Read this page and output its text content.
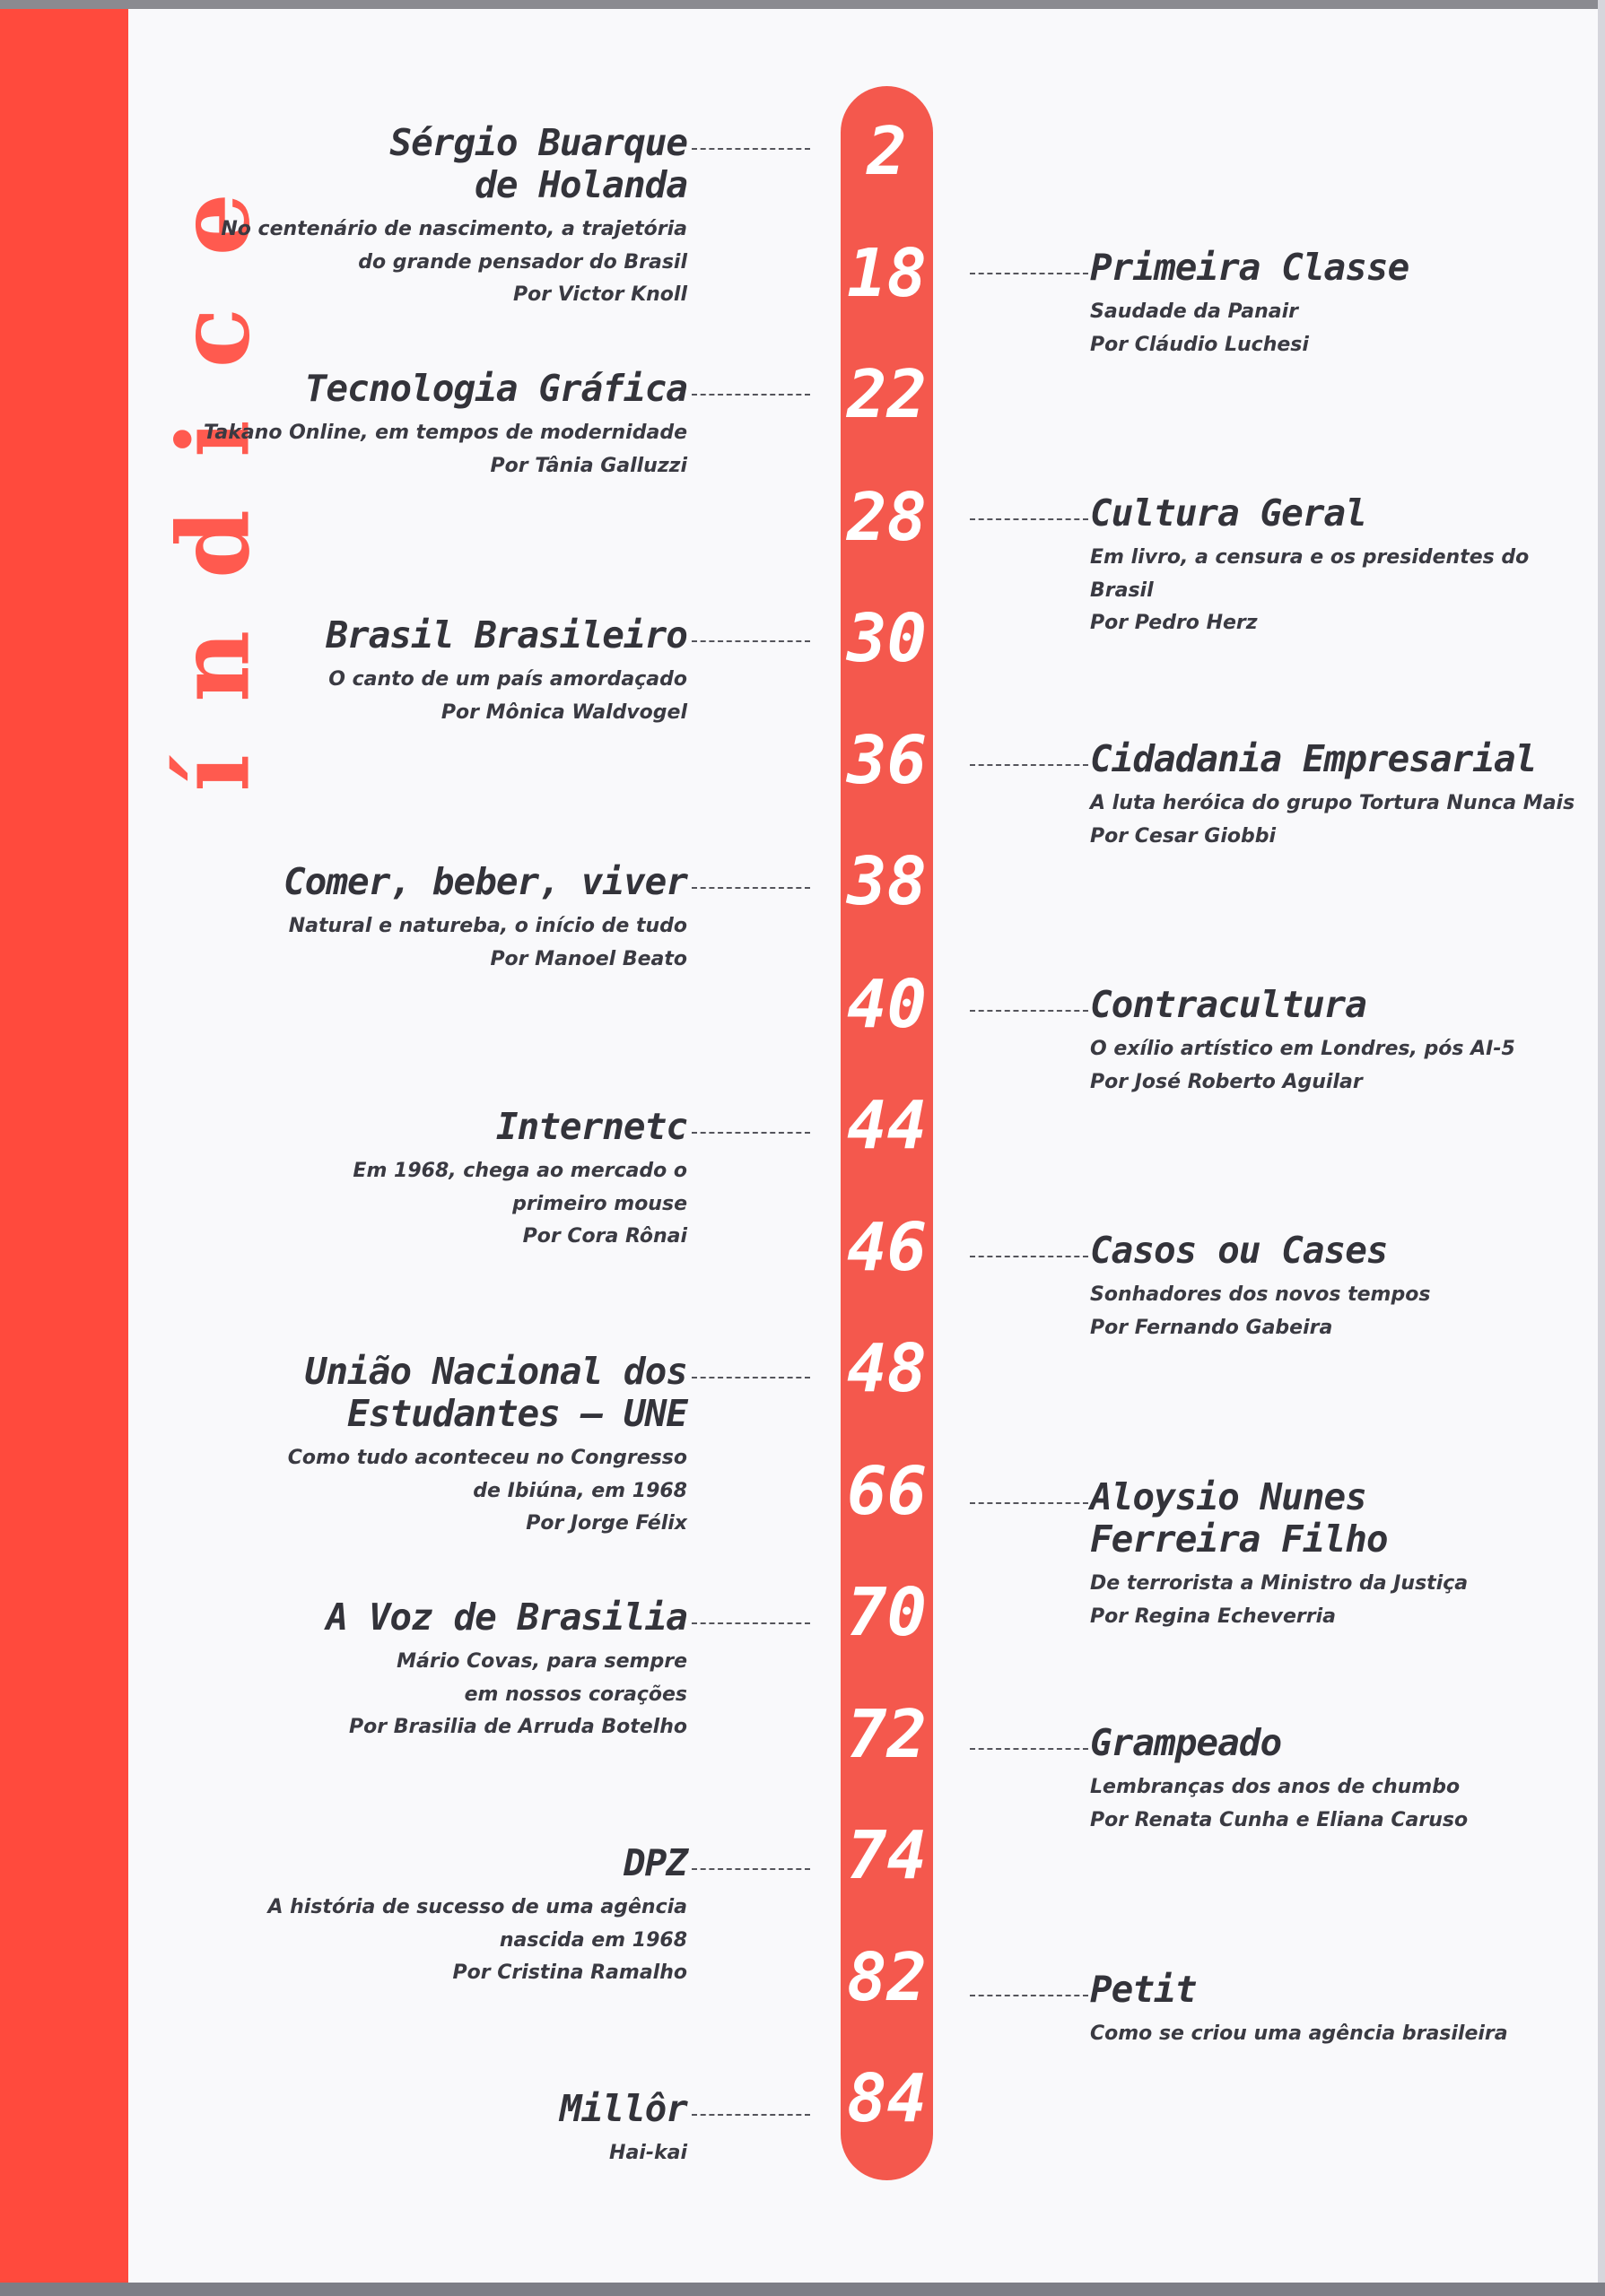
índice	2
18
22
28
30
36
38
40
44
46
48
66
70
72
74
82
84
Sérgio Buarque
de Holanda
No centenário de nascimento, a trajetória
do grande pensador do Brasil
Por Victor Knoll
Tecnologia Gráfica
Takano Online, em tempos de modernidade
Por Tânia Galluzzi
Brasil Brasileiro
O canto de um país amordaçado
Por Mônica Waldvogel
Comer, beber, viver
Natural e natureba, o início de tudo
Por Manoel Beato
Internetc
Em 1968, chega ao mercado o
primeiro mouse
Por Cora Rônai
União Nacional dos
Estudantes – UNE
Como tudo aconteceu no Congresso
de Ibiúna, em 1968
Por Jorge Félix
A Voz de Brasilia
Mário Covas, para sempre
em nossos corações
Por Brasilia de Arruda Botelho
DPZ
A história de sucesso de uma agência
nascida em 1968
Por Cristina Ramalho
Millôr
Hai-kai
Primeira Classe
Saudade da Panair
Por Cláudio Luchesi
Cultura Geral
Em livro, a censura e os presidentes do Brasil
Por Pedro Herz
Cidadania Empresarial
A luta heróica do grupo Tortura Nunca Mais
Por Cesar Giobbi
Contracultura
O exílio artístico em Londres, pós AI-5
Por José Roberto Aguilar
Casos ou Cases
Sonhadores dos novos tempos
Por Fernando Gabeira
Aloysio Nunes
Ferreira Filho
De terrorista a Ministro da Justiça
Por Regina Echeverria
Grampeado
Lembranças dos anos de chumbo
Por Renata Cunha e Eliana Caruso
Petit
Como se criou uma agência brasileira
